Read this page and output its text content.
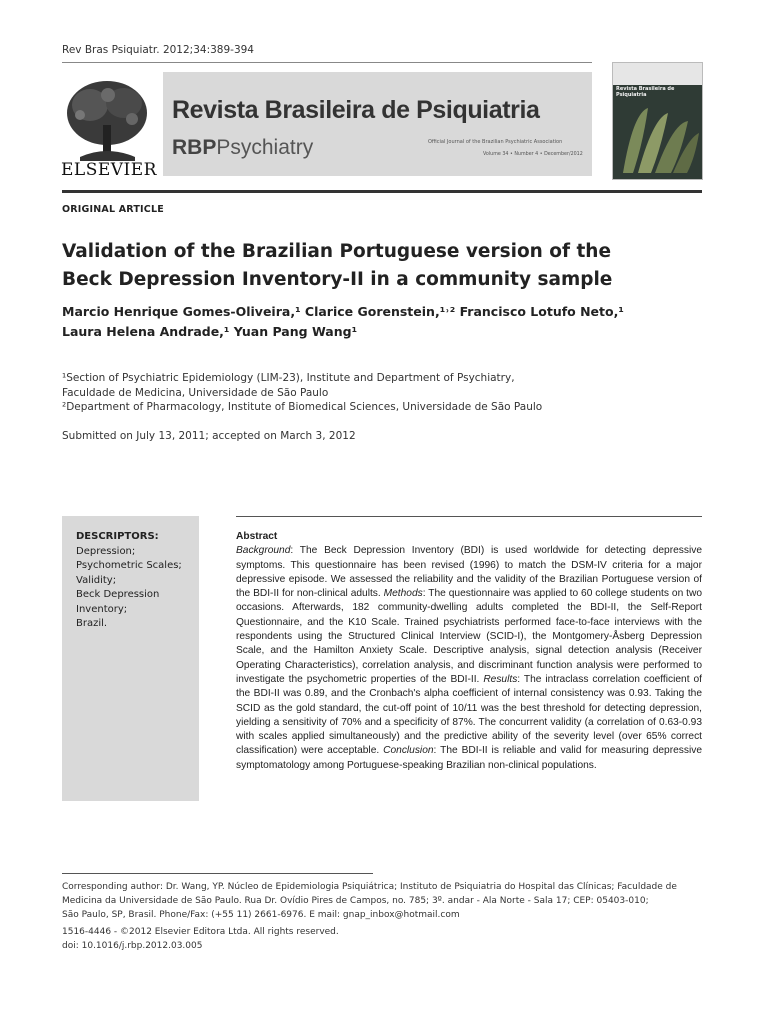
Rev Bras Psiquiatr. 2012;34:389-394
ELSEVIER
Revista Brasileira de Psiquiatria
RBPPsychiatry	Official Journal of the Brazilian Psychiatric Association
Volume 34 • Number 4 • December/2012
Revista Brasileira de Psiquiatria
ORIGINAL ARTICLE
Validation of the Brazilian Portuguese version of the
Beck Depression Inventory-II in a community sample
Marcio Henrique Gomes-Oliveira,¹ Clarice Gorenstein,¹˒² Francisco Lotufo Neto,¹
Laura Helena Andrade,¹ Yuan Pang Wang¹
¹Section of Psychiatric Epidemiology (LIM-23), Institute and Department of Psychiatry,
Faculdade de Medicina, Universidade de São Paulo
²Department of Pharmacology, Institute of Biomedical Sciences, Universidade de São Paulo
Submitted on July 13, 2011; accepted on March 3, 2012
DESCRIPTORS:
Depression;
Psychometric Scales;
Validity;
Beck Depression
Inventory;
Brazil.
Abstract
Background: The Beck Depression Inventory (BDI) is used worldwide for detecting depressive symptoms. This questionnaire has been revised (1996) to match the DSM-IV criteria for a major depressive episode. We assessed the reliability and the validity of the Brazilian Portuguese version of the BDI-II for non-clinical adults. Methods: The questionnaire was applied to 60 college students on two occasions. Afterwards, 182 community-dwelling adults completed the BDI-II, the Self-Report Questionnaire, and the K10 Scale. Trained psychiatrists performed face-to-face interviews with the respondents using the Structured Clinical Interview (SCID-I), the Montgomery-Åsberg Depression Scale, and the Hamilton Anxiety Scale. Descriptive analysis, signal detection analysis (Receiver Operating Characteristics), correlation analysis, and discriminant function analysis were performed to investigate the psychometric properties of the BDI-II. Results: The intraclass correlation coefficient of the BDI-II was 0.89, and the Cronbach's alpha coefficient of internal consistency was 0.93. Taking the SCID as the gold standard, the cut-off point of 10/11 was the best threshold for detecting depression, yielding a sensitivity of 70% and a specificity of 87%. The concurrent validity (a correlation of 0.63-0.93 with scales applied simultaneously) and the predictive ability of the severity level (over 65% correct classification) were acceptable. Conclusion: The BDI-II is reliable and valid for measuring depressive symptomatology among Portuguese-speaking Brazilian non-clinical populations.
Corresponding author: Dr. Wang, YP. Núcleo de Epidemiologia Psiquiátrica; Instituto de Psiquiatria do Hospital das Clínicas; Faculdade de
Medicina da Universidade de São Paulo. Rua Dr. Ovídio Pires de Campos, no. 785; 3º. andar - Ala Norte - Sala 17; CEP: 05403-010;
São Paulo, SP, Brasil. Phone/Fax: (+55 11) 2661-6976. E mail: gnap_inbox@hotmail.com
1516-4446 - ©2012 Elsevier Editora Ltda. All rights reserved.
doi: 10.1016/j.rbp.2012.03.005
